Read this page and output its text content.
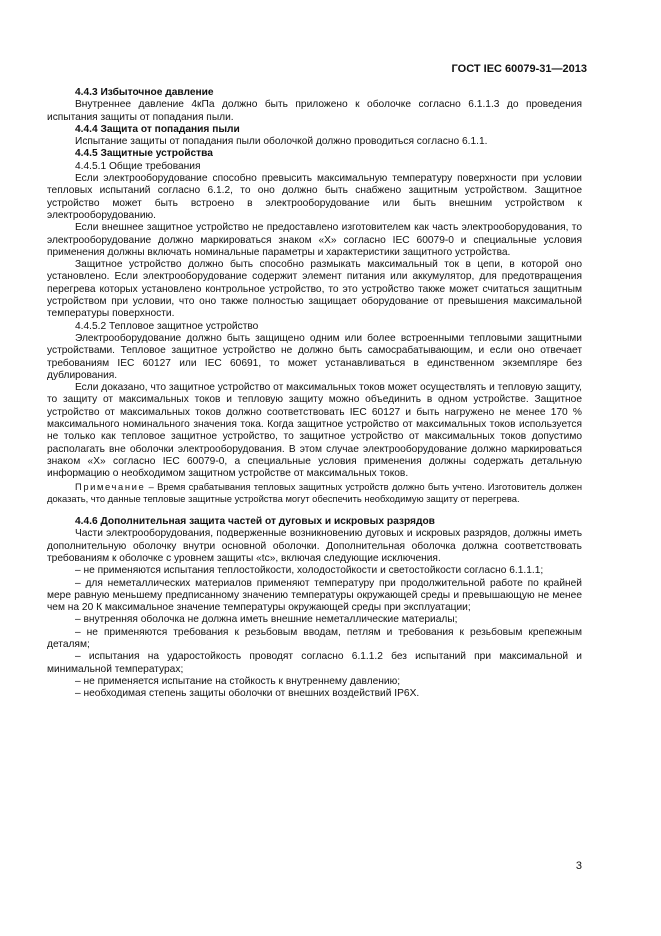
ГОСТ IEC 60079-31—2013

4.4.3 Избыточное давление

Внутреннее давление 4кПа должно быть приложено к оболочке согласно 6.1.1.3 до проведения испытания защиты от попадания пыли.

4.4.4 Защита от попадания пыли

Испытание защиты от попадания пыли оболочкой должно проводиться согласно 6.1.1.

4.4.5 Защитные устройства

4.4.5.1 Общие требования

Если электрооборудование способно превысить максимальную температуру поверхности при условии тепловых испытаний согласно 6.1.2, то оно должно быть снабжено защитным устройством. Защитное устройство может быть встроено в электрооборудование или быть внешним устройством к электрооборудованию.

Если внешнее защитное устройство не предоставлено изготовителем как часть электрооборудования, то электрооборудование должно маркироваться знаком «Х» согласно IEC 60079-0 и специальные условия применения должны включать номинальные параметры и характеристики защитного устройства.

Защитное устройство должно быть способно размыкать максимальный ток в цепи, в которой оно установлено. Если электрооборудование содержит элемент питания или аккумулятор, для предотвращения перегрева которых установлено контрольное устройство, то это устройство также может считаться защитным устройством при условии, что оно также полностью защищает оборудование от превышения максимальной температуры поверхности.

4.4.5.2 Тепловое защитное устройство

Электрооборудование должно быть защищено одним или более встроенными тепловыми защитными устройствами. Тепловое защитное устройство не должно быть самосрабатывающим, и если оно отвечает требованиям IEC 60127 или IEC 60691, то может устанавливаться в единственном экземпляре без дублирования.

Если доказано, что защитное устройство от максимальных токов может осуществлять и тепловую защиту, то защиту от максимальных токов и тепловую защиту можно объединить в одном устройстве. Защитное устройство от максимальных токов должно соответствовать IEC 60127 и быть нагружено не менее 170 % максимального номинального значения тока. Когда защитное устройство от максимальных токов используется не только как тепловое защитное устройство, то защитное устройство от максимальных токов допустимо располагать вне оболочки электрооборудования. В этом случае электрооборудование должно маркироваться знаком «Х» согласно IEC 60079-0, а специальные условия применения должны содержать детальную информацию о необходимом защитном устройстве от максимальных токов.

Примечание – Время срабатывания тепловых защитных устройств должно быть учтено. Изготовитель должен доказать, что данные тепловые защитные устройства могут обеспечить необходимую защиту от перегрева.

4.4.6 Дополнительная защита частей от дуговых и искровых разрядов

Части электрооборудования, подверженные возникновению дуговых и искровых разрядов, должны иметь дополнительную оболочку внутри основной оболочки. Дополнительная оболочка должна соответствовать требованиям к оболочке с уровнем защиты «tc», включая следующие исключения.

– не применяются испытания теплостойкости, холодостойкости и светостойкости согласно 6.1.1.1;

– для неметаллических материалов применяют температуру при продолжительной работе по крайней мере равную меньшему предписанному значению температуры окружающей среды и превышающую не менее чем на 20 К максимальное значение температуры окружающей среды при эксплуатации;

– внутренняя оболочка не должна иметь внешние неметаллические материалы;

– не применяются требования к резьбовым вводам, петлям и требования к резьбовым крепежным деталям;

– испытания на ударостойкость проводят согласно 6.1.1.2 без испытаний при максимальной и минимальной температурах;

– не применяется испытание на стойкость к внутреннему давлению;

– необходимая степень защиты оболочки от внешних воздействий IP6X.

3
